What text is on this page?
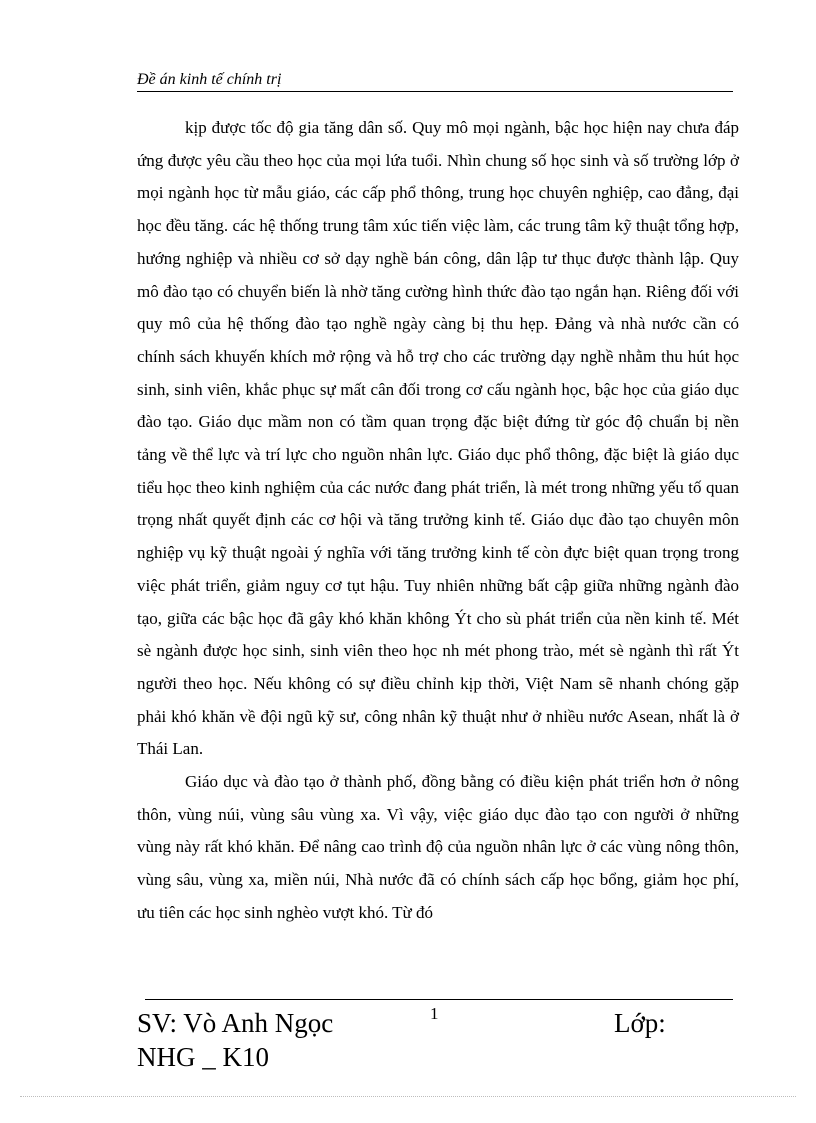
Đề án kinh tế chính trị

kịp được tốc độ gia tăng dân số. Quy mô mọi ngành, bậc học hiện nay chưa đáp ứng được yêu cầu theo học của mọi lứa tuổi. Nhìn chung số học sinh và số trường lớp ở mọi ngành học từ mẫu giáo, các cấp phổ thông, trung học chuyên nghiệp, cao đẳng, đại học đều tăng. các hệ thống trung tâm xúc tiến việc làm, các trung tâm kỹ thuật tổng hợp, hướng nghiệp và nhiều cơ sở dạy nghề bán công, dân lập tư thục được thành lập. Quy mô đào tạo có chuyển biến là nhờ tăng cường hình thức đào tạo ngắn hạn. Riêng đối với quy mô của hệ thống đào tạo nghề ngày càng bị thu hẹp. Đảng và nhà nước cần có chính sách khuyến khích mở rộng và hỗ trợ cho các trường dạy nghề nhằm thu hút học sinh, sinh viên, khắc phục sự mất cân đối trong cơ cấu ngành học, bậc học của giáo dục đào tạo. Giáo dục mầm non có tầm quan trọng đặc biệt đứng từ góc độ chuẩn bị nền tảng về thể lực và trí lực cho nguồn nhân lực. Giáo dục phổ thông, đặc biệt là giáo dục tiểu học theo kinh nghiệm của các nước đang phát triển, là mét trong những yếu tố quan trọng nhất quyết định các cơ hội và tăng trưởng kinh tế. Giáo dục đào tạo chuyên môn nghiệp vụ kỹ thuật ngoài ý nghĩa với tăng trưởng kinh tế còn đực biệt quan trọng trong việc phát triển, giảm nguy cơ tụt hậu. Tuy nhiên những bất cập giữa những ngành đào tạo, giữa các bậc học đã gây khó khăn không Ýt cho sù phát triển của nền kinh tế. Mét sè ngành được học sinh, sinh viên theo học nh mét phong trào, mét sè ngành thì rất Ýt người theo học. Nếu không có sự điều chỉnh kịp thời, Việt Nam sẽ nhanh chóng gặp phải khó khăn về đội ngũ kỹ sư, công nhân kỹ thuật như ở nhiều nước Asean, nhất là ở Thái Lan.

Giáo dục và đào tạo ở thành phố, đồng bằng có điều kiện phát triển hơn ở nông thôn, vùng núi, vùng sâu vùng xa. Vì vậy, việc giáo dục đào tạo con người ở những vùng này rất khó khăn. Để nâng cao trình độ của nguồn nhân lực ở các vùng nông thôn, vùng sâu, vùng xa, miền núi, Nhà nước đã có chính sách cấp học bổng, giảm học phí, ưu tiên các học sinh nghèo vượt khó. Từ đó

SV: Vò Anh Ngọc NHG _ K10
1	Lớp:
